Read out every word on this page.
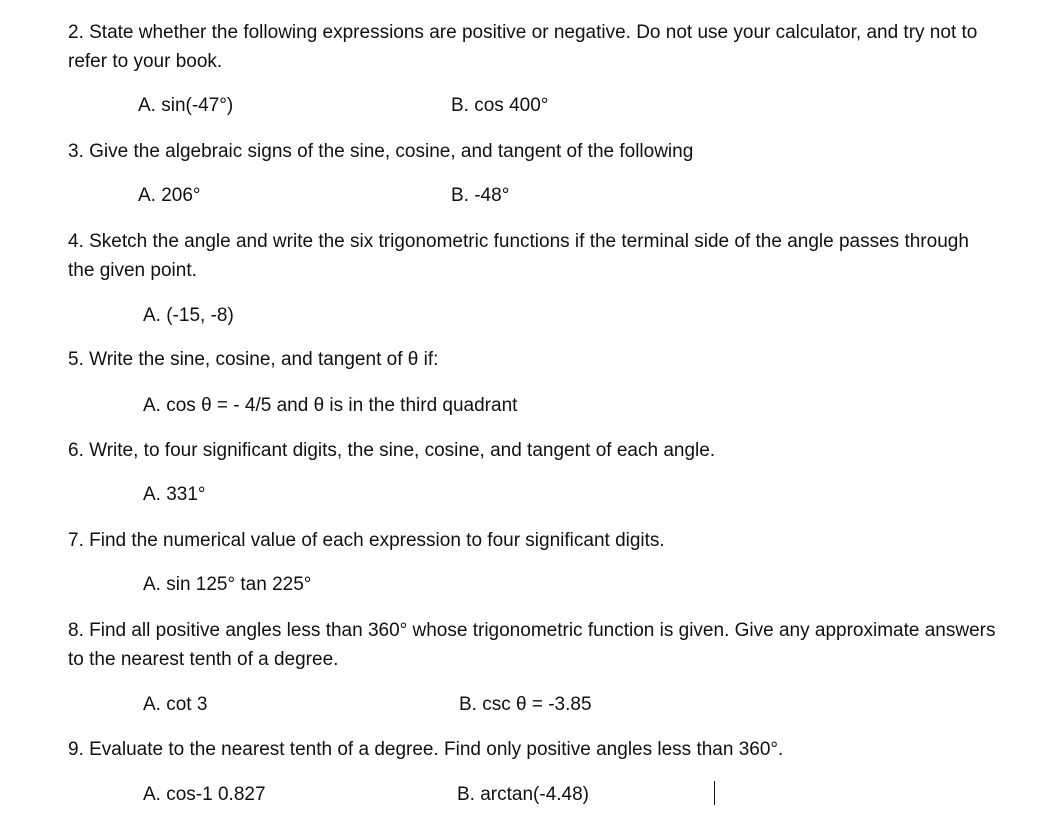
2. State whether the following expressions are positive or negative. Do not use your calculator, and try not to refer to your book.

A. sin(-47°)	B. cos 400°

3. Give the algebraic signs of the sine, cosine, and tangent of the following

A. 206°	B. -48°

4. Sketch the angle and write the six trigonometric functions if the terminal side of the angle passes through the given point.

A. (-15, -8)

5. Write the sine, cosine, and tangent of θ if:

A. cos θ = - 4/5 and θ is in the third quadrant

6. Write, to four significant digits, the sine, cosine, and tangent of each angle.

A. 331°

7. Find the numerical value of each expression to four significant digits.

A. sin 125° tan 225°

8. Find all positive angles less than 360° whose trigonometric function is given. Give any approximate answers to the nearest tenth of a degree.

A. cot 3	B. csc θ = -3.85

9. Evaluate to the nearest tenth of a degree. Find only positive angles less than 360°.

A. cos-1 0.827	B. arctan(-4.48)
